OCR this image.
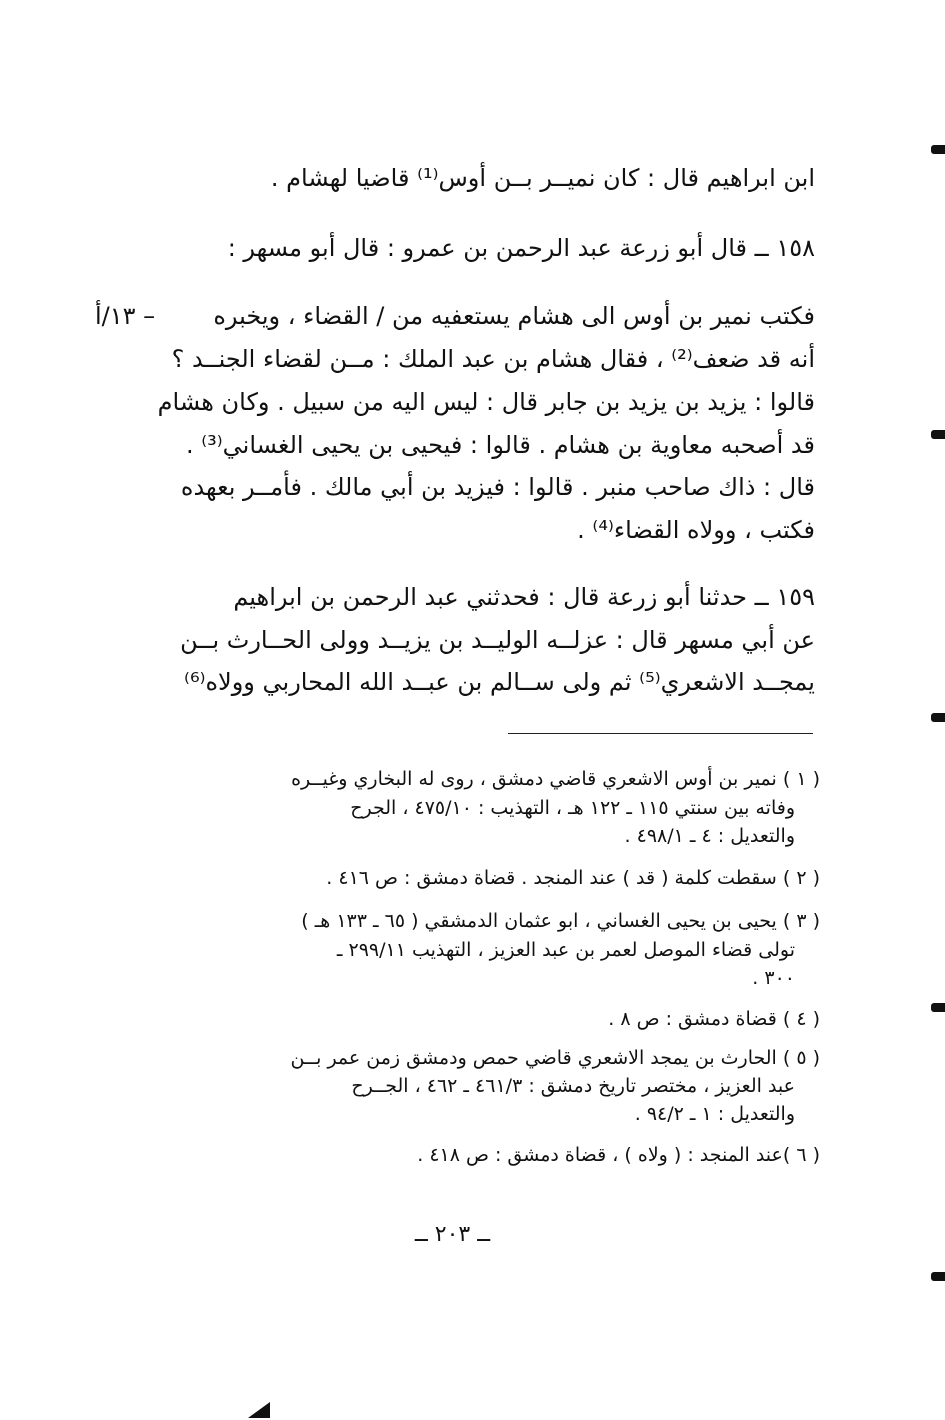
ابن ابراهيم قال : كان نميــر بــن أوس⁽¹⁾ قاضيا لهشام .
١٥٨ ــ قال أبو زرعة عبد الرحمن بن عمرو : قال أبو مسهر :
فكتب نمير بن أوس الى هشام يستعفيه من / القضاء ، ويخبره
– ١٣/أ
أنه قد ضعف⁽²⁾ ، فقال هشام بن عبد الملك : مــن لقضاء الجنــد ؟
قالوا : يزيد بن يزيد بن جابر قال : ليس اليه من سبيل . وكان هشام
قد أصحبه معاوية بن هشام . قالوا : فيحيى بن يحيى الغساني⁽³⁾ .
قال : ذاك صاحب منبر . قالوا : فيزيد بن أبي مالك . فأمــر بعهده
فكتب ، وولاه القضاء⁽⁴⁾ .
١٥٩ ــ حدثنا أبو زرعة قال : فحدثني عبد الرحمن بن ابراهيم
عن أبي مسهر قال : عزلــه الوليــد بن يزيــد وولى الحــارث بــن
يمجــد الاشعري⁽⁵⁾ ثم ولى ســالم بن عبــد الله المحاربي وولاه⁽⁶⁾
( ١ ) نمير بن أوس الاشعري قاضي دمشق ، روى له البخاري وغيــره
وفاته بين سنتي ١١٥ ـ ١٢٢ هـ ، التهذيب : ٤٧٥/١٠ ، الجرح
والتعديل : ٤ ـ ٤٩٨/١ .
( ٢ ) سقطت كلمة ( قد ) عند المنجد . قضاة دمشق : ص ٤١٦ .
( ٣ ) يحيى بن يحيى الغساني ، ابو عثمان الدمشقي ( ٦٥ ـ ١٣٣ هـ )
تولى قضاء الموصل لعمر بن عبد العزيز ، التهذيب ٢٩٩/١١ ـ
٣٠٠ .
( ٤ ) قضاة دمشق : ص ٨ .
( ٥ ) الحارث بن يمجد الاشعري قاضي حمص ودمشق زمن عمر بــن
عبد العزيز ، مختصر تاريخ دمشق : ٤٦١/٣ ـ ٤٦٢ ، الجــرح
والتعديل : ١ ـ ٩٤/٢ .
( ٦ )عند المنجد : ( ولاه ) ، قضاة دمشق : ص ٤١٨ .
ــ ٢٠٣ ــ
